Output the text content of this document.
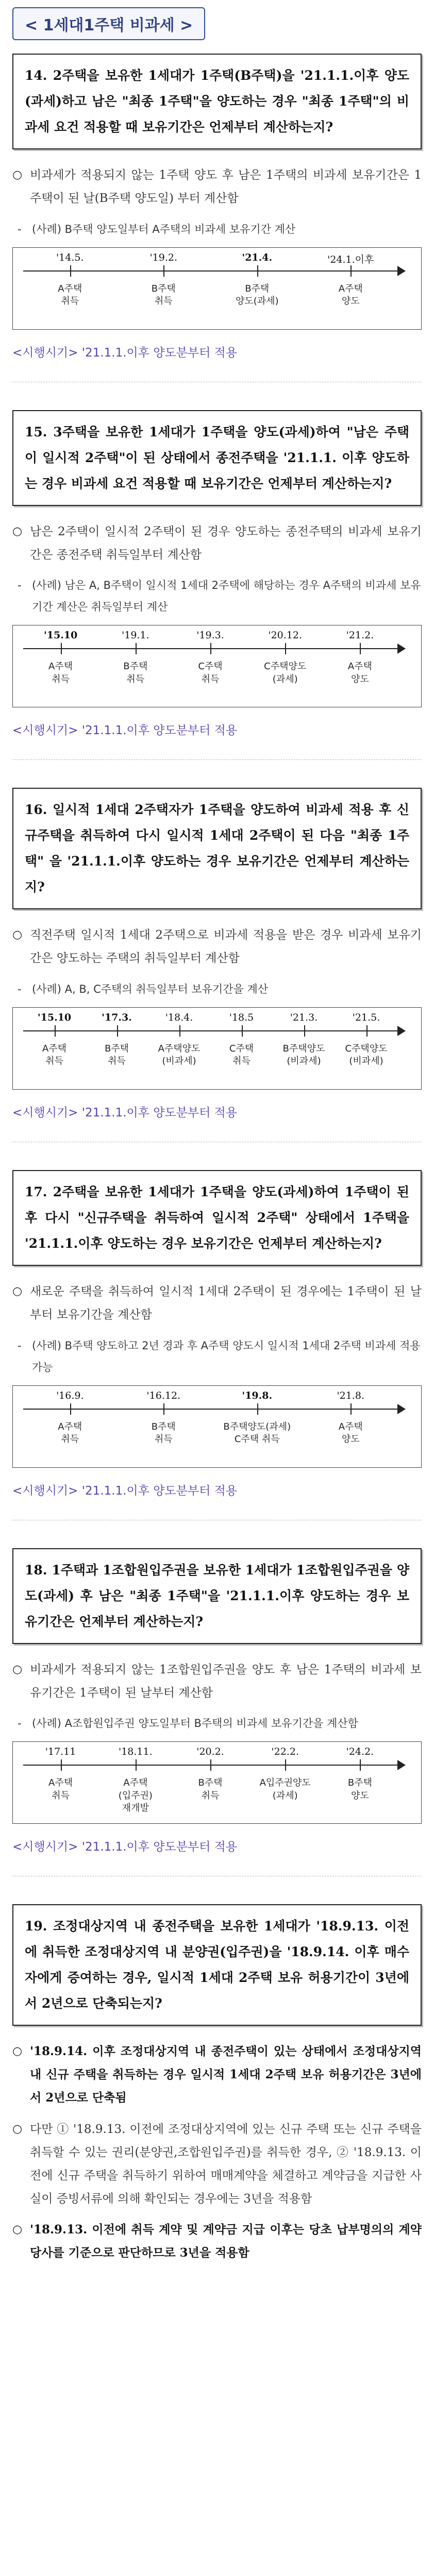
< 1세대1주택 비과세 >
14. 2주택을 보유한 1세대가 1주택(B주택)을 '21.1.1.이후 양도(과세)하고 남은 "최종 1주택"을 양도하는 경우 "최종 1주택"의 비과세 요건 적용할 때 보유기간은 언제부터 계산하는지?
○ 비과세가 적용되지 않는 1주택 양도 후 남은 1주택의 비과세 보유기간은 1주택이 된 날(B주택 양도일) 부터 계산함
- (사례) B주택 양도일부터 A주택의 비과세 보유기간 계산
'14.5.
A주택
취득
'19.2.
B주택
취득
'21.4.
B주택
양도(과세)
'24.1.이후
A주택
양도
<시행시기> '21.1.1.이후 양도분부터 적용
15. 3주택을 보유한 1세대가 1주택을 양도(과세)하여 "남은 주택이 일시적 2주택"이 된 상태에서 종전주택을 '21.1.1. 이후 양도하는 경우 비과세 요건 적용할 때 보유기간은 언제부터 계산하는지?
○ 남은 2주택이 일시적 2주택이 된 경우 양도하는 종전주택의 비과세 보유기간은 종전주택 취득일부터 계산함
- (사례) 남은 A, B주택이 일시적 1세대 2주택에 해당하는 경우 A주택의 비과세 보유기간 계산은 취득일부터 계산
'15.10
A주택
취득
'19.1.
B주택
취득
'19.3.
C주택
취득
'20.12.
C주택양도
(과세)
'21.2.
A주택
양도
<시행시기> '21.1.1.이후 양도분부터 적용
16. 일시적 1세대 2주택자가 1주택을 양도하여 비과세 적용 후 신규주택을 취득하여 다시 일시적 1세대 2주택이 된 다음 "최종 1주택" 을 '21.1.1.이후 양도하는 경우 보유기간은 언제부터 계산하는지?
○ 직전주택 일시적 1세대 2주택으로 비과세 적용을 받은 경우 비과세 보유기간은 양도하는 주택의 취득일부터 계산함
- (사례) A, B, C주택의 취득일부터 보유기간을 계산
'15.10
A주택
취득
'17.3.
B주택
취득
'18.4.
A주택양도
(비과세)
'18.5
C주택
취득
'21.3.
B주택양도
(비과세)
'21.5.
C주택양도
(비과세)
<시행시기> '21.1.1.이후 양도분부터 적용
17. 2주택을 보유한 1세대가 1주택을 양도(과세)하여 1주택이 된 후 다시 "신규주택을 취득하여 일시적 2주택" 상태에서 1주택을 '21.1.1.이후 양도하는 경우 보유기간은 언제부터 계산하는지?
○ 새로운 주택을 취득하여 일시적 1세대 2주택이 된 경우에는 1주택이 된 날부터 보유기간을 계산함
- (사례) B주택 양도하고 2년 경과 후 A주택 양도시 일시적 1세대 2주택 비과세 적용 가능
'16.9.
A주택
취득
'16.12.
B주택
취득
'19.8.
B주택양도(과세)
C주택 취득
'21.8.
A주택
양도
<시행시기> '21.1.1.이후 양도분부터 적용
18. 1주택과 1조합원입주권을 보유한 1세대가 1조합원입주권을 양도(과세) 후 남은 "최종 1주택"을 '21.1.1.이후 양도하는 경우 보유기간은 언제부터 계산하는지?
○ 비과세가 적용되지 않는 1조합원입주권을 양도 후 남은 1주택의 비과세 보유기간은 1주택이 된 날부터 계산함
- (사례) A조합원입주권 양도일부터 B주택의 비과세 보유기간을 계산함
'17.11
A주택
취득
'18.11.
A주택
(입주권)
재개발
'20.2.
B주택
취득
'22.2.
A입주권양도
(과세)
'24.2.
B주택
양도
<시행시기> '21.1.1.이후 양도분부터 적용
19. 조정대상지역 내 종전주택을 보유한 1세대가 '18.9.13. 이전에 취득한 조정대상지역 내 분양권(입주권)을 '18.9.14. 이후 매수자에게 증여하는 경우, 일시적 1세대 2주택 보유 허용기간이 3년에서 2년으로 단축되는지?
○ '18.9.14. 이후 조정대상지역 내 종전주택이 있는 상태에서 조정대상지역 내 신규 주택을 취득하는 경우 일시적 1세대 2주택 보유 허용기간은 3년에서 2년으로 단축됨
○ 다만 ① '18.9.13. 이전에 조정대상지역에 있는 신규 주택 또는 신규 주택을 취득할 수 있는 권리(분양권,조합원입주권)를 취득한 경우, ② '18.9.13. 이전에 신규 주택을 취득하기 위하여 매매계약을 체결하고 계약금을 지급한 사실이 증빙서류에 의해 확인되는 경우에는 3년을 적용함
○ '18.9.13. 이전에 취득 계약 및 계약금 지급 이후는 당초 납부명의의 계약당사를 기준으로 판단하므로 3년을 적용함
